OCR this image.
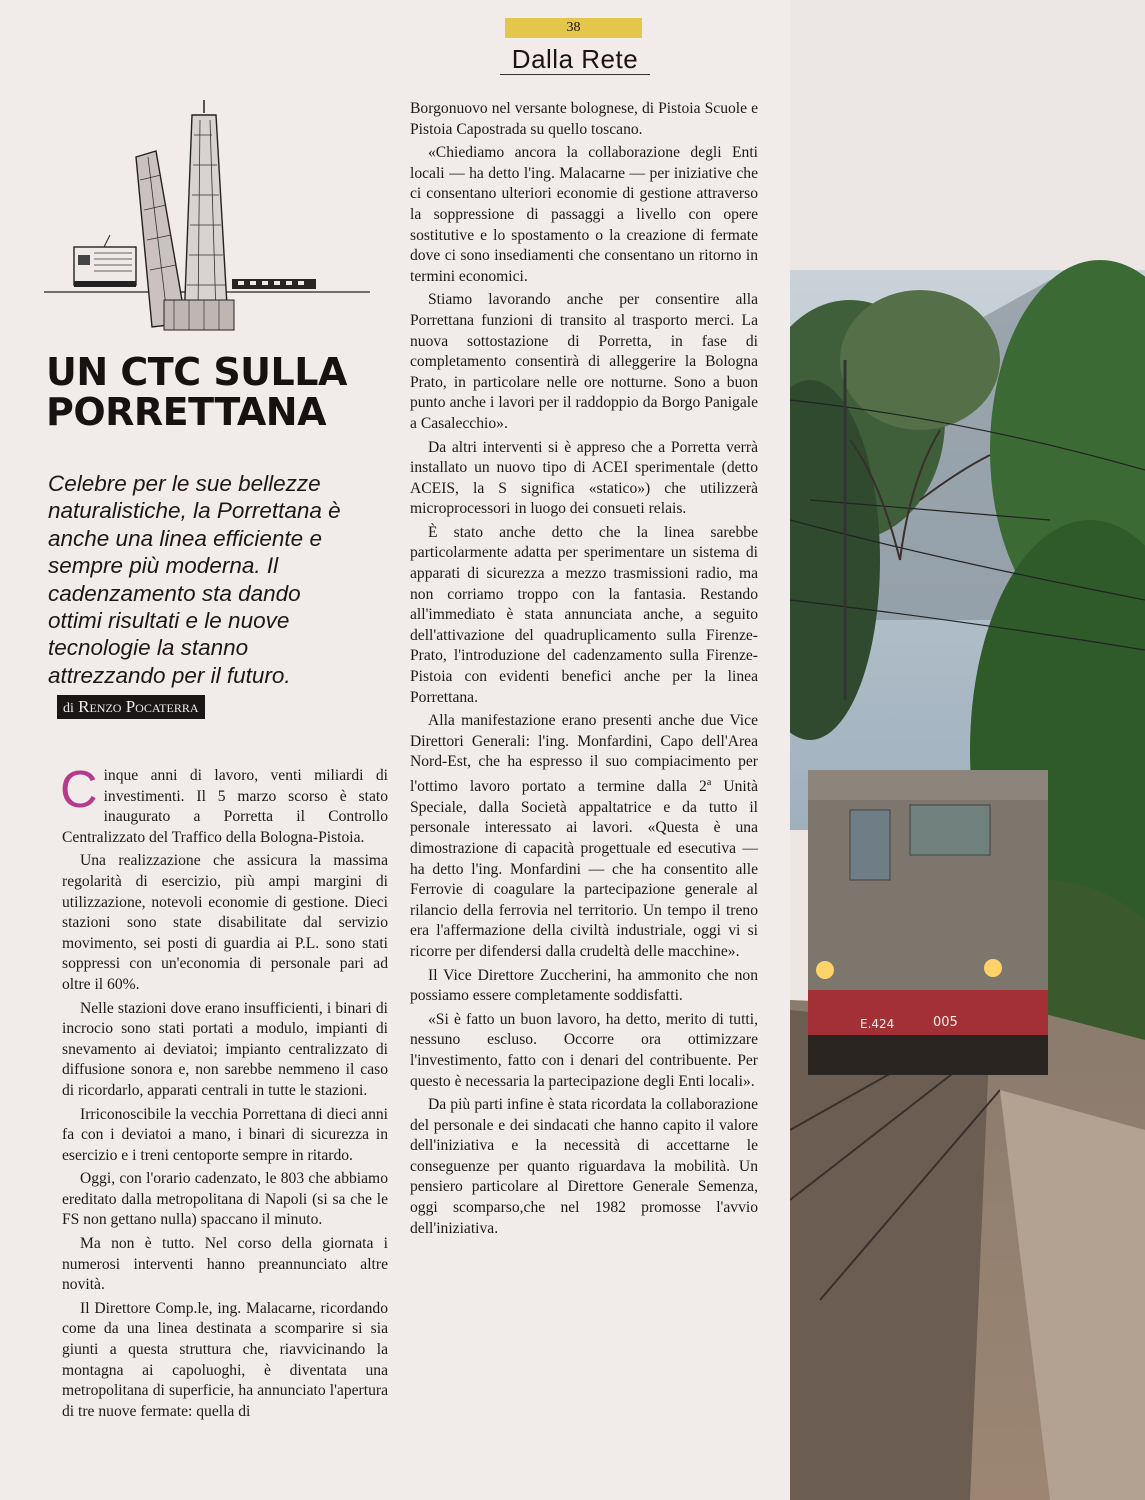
38
Dalla Rete
UN CTC SULLA PORRETTANA

Celebre per le sue bellezze naturalistiche, la Porrettana è anche una linea efficiente e sempre più moderna. Il cadenzamento sta dando ottimi risultati e le nuove tecnologie la stanno attrezzando per il futuro.

di Renzo Pocaterra

Cinque anni di lavoro, venti miliardi di investimenti. Il 5 marzo scorso è stato inaugurato a Porretta il Controllo Centralizzato del Traffico della Bologna-Pistoia.

Una realizzazione che assicura la massima regolarità di esercizio, più ampi margini di utilizzazione, notevoli economie di gestione. Dieci stazioni sono state disabilitate dal servizio movimento, sei posti di guardia ai P.L. sono stati soppressi con un'economia di personale pari ad oltre il 60%.

Nelle stazioni dove erano insufficienti, i binari di incrocio sono stati portati a modulo, impianti di snevamento ai deviatoi; impianto centralizzato di diffusione sonora e, non sarebbe nemmeno il caso di ricordarlo, apparati centrali in tutte le stazioni.

Irriconoscibile la vecchia Porrettana di dieci anni fa con i deviatoi a mano, i binari di sicurezza in esercizio e i treni centoporte sempre in ritardo.

Oggi, con l'orario cadenzato, le 803 che abbiamo ereditato dalla metropolitana di Napoli (si sa che le FS non gettano nulla) spaccano il minuto.

Ma non è tutto. Nel corso della giornata i numerosi interventi hanno preannunciato altre novità.

Il Direttore Comp.le, ing. Malacarne, ricordando come da una linea destinata a scomparire si sia giunti a questa struttura che, riavvicinando la montagna ai capoluoghi, è diventata una metropolitana di superficie, ha annunciato l'apertura di tre nuove fermate: quella di

Borgonuovo nel versante bolognese, di Pistoia Scuole e Pistoia Capostrada su quello toscano.

«Chiediamo ancora la collaborazione degli Enti locali — ha detto l'ing. Malacarne — per iniziative che ci consentano ulteriori economie di gestione attraverso la soppressione di passaggi a livello con opere sostitutive e lo spostamento o la creazione di fermate dove ci sono insediamenti che consentano un ritorno in termini economici.

Stiamo lavorando anche per consentire alla Porrettana funzioni di transito al trasporto merci. La nuova sottostazione di Porretta, in fase di completamento consentirà di alleggerire la Bologna Prato, in particolare nelle ore notturne. Sono a buon punto anche i lavori per il raddoppio da Borgo Panigale a Casalecchio».

Da altri interventi si è appreso che a Porretta verrà installato un nuovo tipo di ACEI sperimentale (detto ACEIS, la S significa «statico») che utilizzerà microprocessori in luogo dei consueti relais.

È stato anche detto che la linea sarebbe particolarmente adatta per sperimentare un sistema di apparati di sicurezza a mezzo trasmissioni radio, ma non corriamo troppo con la fantasia. Restando all'immediato è stata annunciata anche, a seguito dell'attivazione del quadruplicamento sulla Firenze-Prato, l'introduzione del cadenzamento sulla Firenze-Pistoia con evidenti benefici anche per la linea Porrettana.

Alla manifestazione erano presenti anche due Vice Direttori Generali: l'ing. Monfardini, Capo dell'Area Nord-Est, che ha espresso il suo compiacimento per l'ottimo lavoro portato a termine dalla 2$^a$ Unità Speciale, dalla Società appaltatrice e da tutto il personale interessato ai lavori. «Questa è una dimostrazione di capacità progettuale ed esecutiva — ha detto l'ing. Monfardini — che ha consentito alle Ferrovie di coagulare la partecipazione generale al rilancio della ferrovia nel territorio. Un tempo il treno era l'affermazione della civiltà industriale, oggi vi si ricorre per difendersi dalla crudeltà delle macchine».

Il Vice Direttore Zuccherini, ha ammonito che non possiamo essere completamente soddisfatti.

«Si è fatto un buon lavoro, ha detto, merito di tutti, nessuno escluso. Occorre ora ottimizzare l'investimento, fatto con i denari del contribuente. Per questo è necessaria la partecipazione degli Enti locali».

Da più parti infine è stata ricordata la collaborazione del personale e dei sindacati che hanno capito il valore dell'iniziativa e la necessità di accettarne le conseguenze per quanto riguardava la mobilità. Un pensiero particolare al Direttore Generale Semenza, oggi scomparso,che nel 1982 promosse l'avvio dell'iniziativa.

E.424	005
